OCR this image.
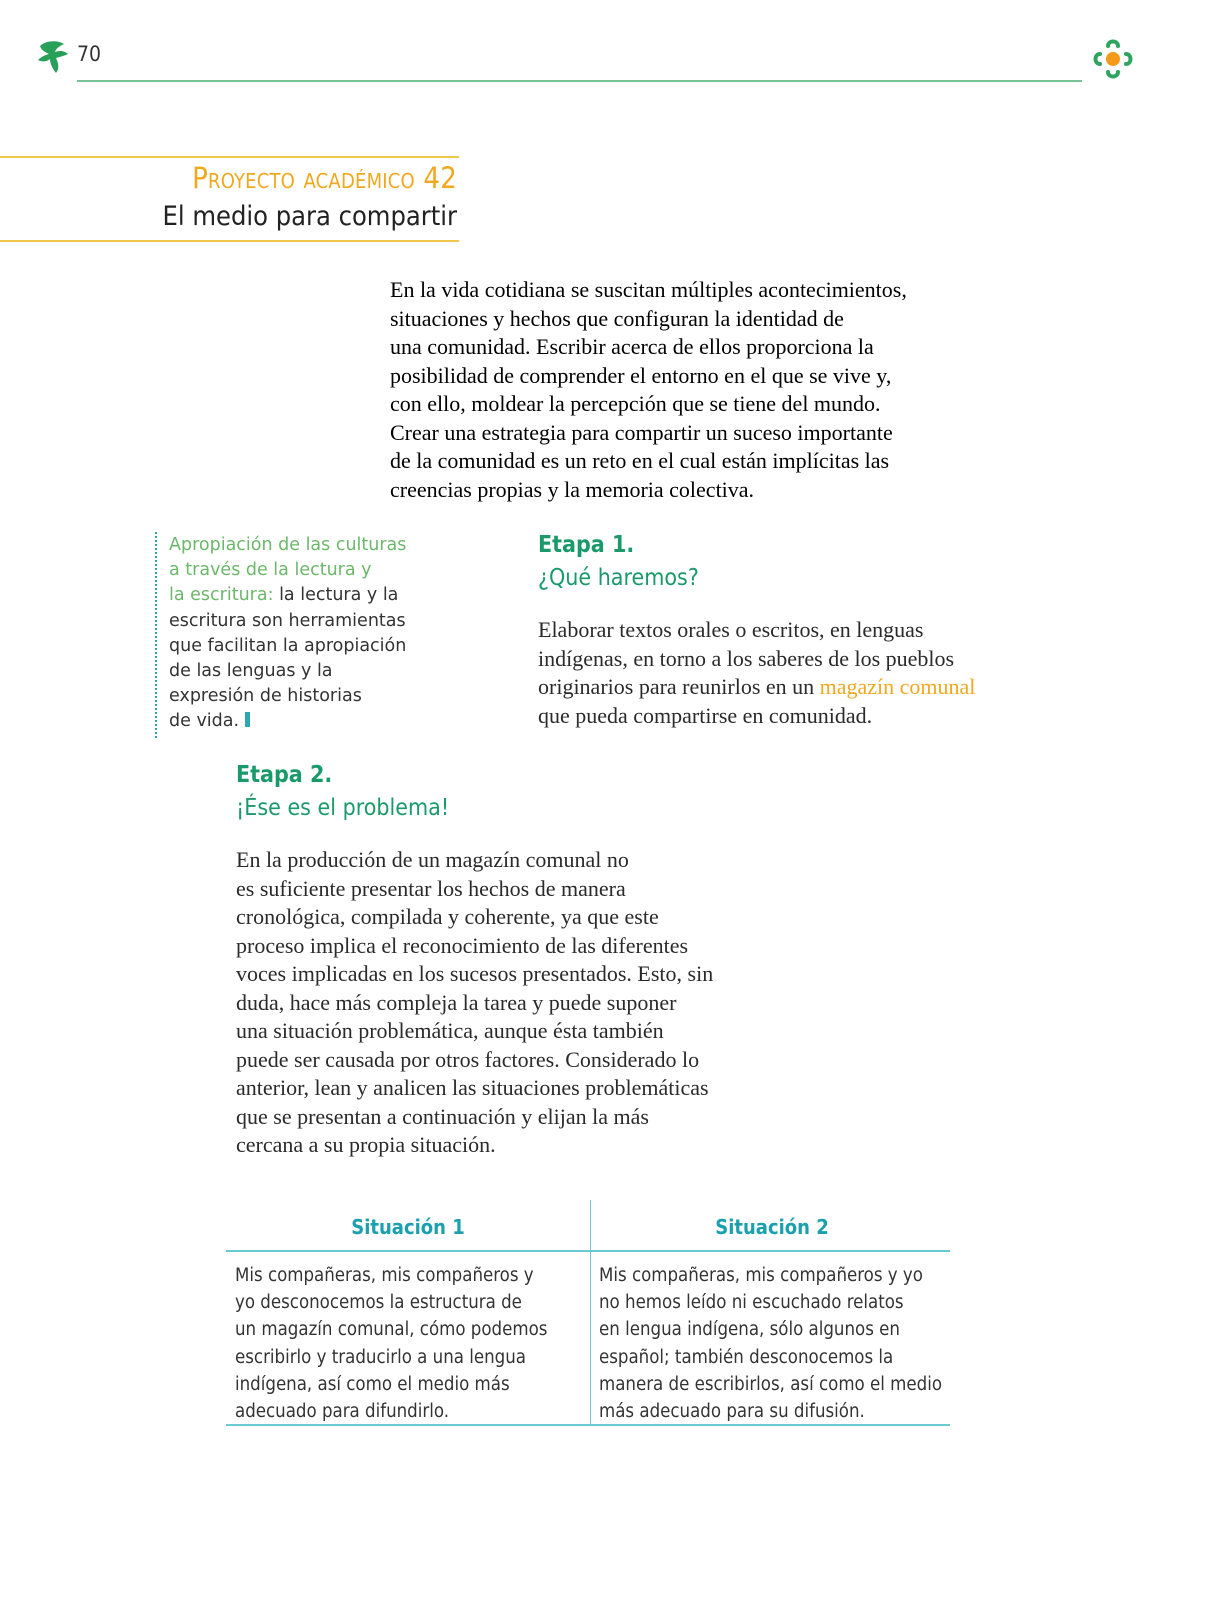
70
Proyecto académico 42
El medio para compartir
En la vida cotidiana se suscitan múltiples acontecimientos,
situaciones y hechos que configuran la identidad de
una comunidad. Escribir acerca de ellos proporciona la
posibilidad de comprender el entorno en el que se vive y,
con ello, moldear la percepción que se tiene del mundo.
Crear una estrategia para compartir un suceso importante
de la comunidad es un reto en el cual están implícitas las
creencias propias y la memoria colectiva.
Apropiación de las culturas
a través de la lectura y
la escritura: la lectura y la
escritura son herramientas
que facilitan la apropiación
de las lenguas y la
expresión de historias
de vida.
Etapa 1.
¿Qué haremos?
Elaborar textos orales o escritos, en lenguas
indígenas, en torno a los saberes de los pueblos
originarios para reunirlos en un magazín comunal
que pueda compartirse en comunidad.
Etapa 2.
¡Ése es el problema!
En la producción de un magazín comunal no
es suficiente presentar los hechos de manera
cronológica, compilada y coherente, ya que este
proceso implica el reconocimiento de las diferentes
voces implicadas en los sucesos presentados. Esto, sin
duda, hace más compleja la tarea y puede suponer
una situación problemática, aunque ésta también
puede ser causada por otros factores. Considerado lo
anterior, lean y analicen las situaciones problemáticas
que se presentan a continuación y elijan la más
cercana a su propia situación.
Situación 1	Situación 2
Mis compañeras, mis compañeros y
yo desconocemos la estructura de
un magazín comunal, cómo podemos
escribirlo y traducirlo a una lengua
indígena, así como el medio más
adecuado para difundirlo.
Mis compañeras, mis compañeros y yo
no hemos leído ni escuchado relatos
en lengua indígena, sólo algunos en
español; también desconocemos la
manera de escribirlos, así como el medio
más adecuado para su difusión.
